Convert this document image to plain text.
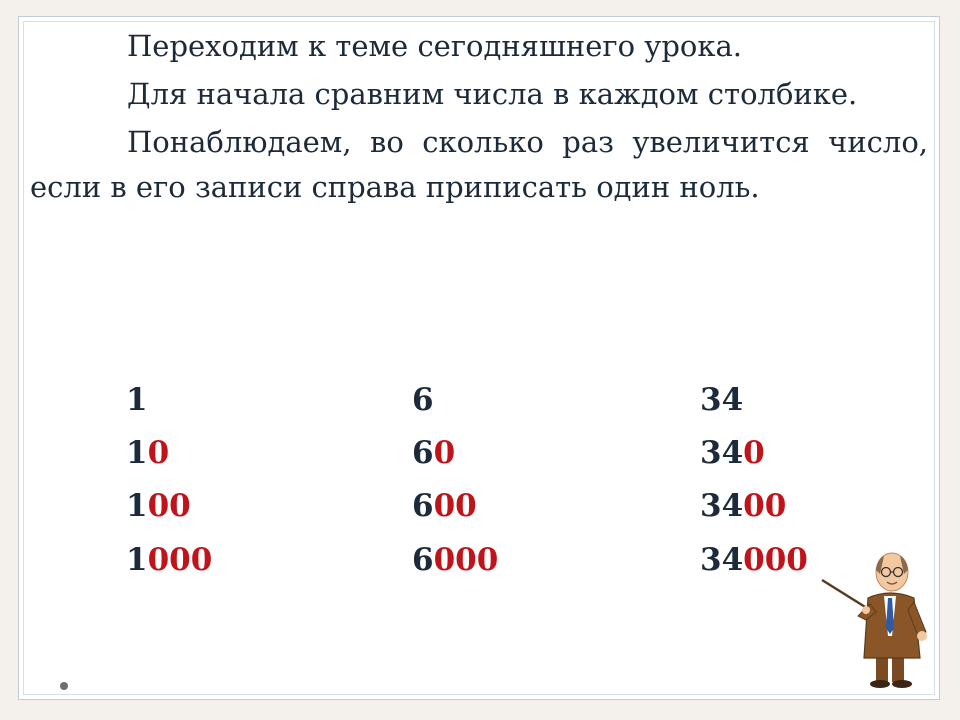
Переходим к теме сегодняшнего урока.

Для начала сравним числа в каждом столбике.

Понаблюдаем, во сколько раз увеличится число, если в его записи справа приписать один ноль.

1
10
100
1000
6
60
600
6000
34
340
3400
34000
